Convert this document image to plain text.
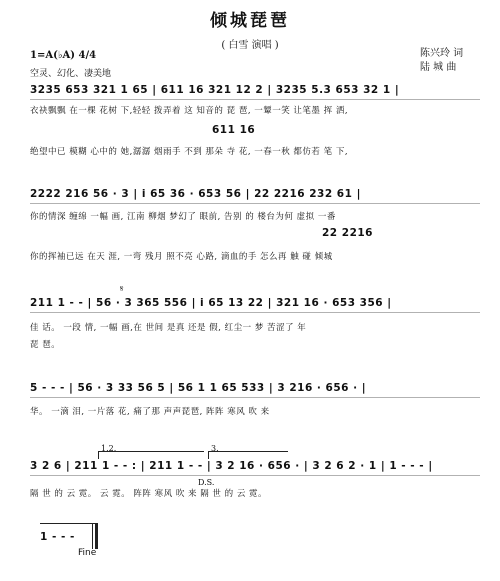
倾城琵琶
( 白雪 演唱 )
陈兴玲 词
陆 城 曲
1=A(♭A) 4/4
空灵、幻化、凄美地
3235 653 321 1 65 | 611 16 321 12 2 | 3235 5.3 653 32 1 |
衣袂飘飘 在一棵 花树 下,轻轻 拨弄着 这 知音的 琵 琶, 一颦一笑 让笔墨 挥 洒,
611 16
绝望中已 模糊 心中的 她,潺潺 烟雨手 不到 那朵 寺 花, 一春一秋 都仿若 笔 下,
2222 216 56 · 3 | i 65 36 · 653 56 | 22 2216 232 61 |
你的情深 缠绵 一幅 画, 江南 柳烟 梦幻了 眼前, 告别 的 楼台为何 虚拟 一番
22 2216
你的挥袖已远 在天 涯, 一弯 残月 照不亮 心路, 滴血的手 怎么再 触 碰 倾城
𝄋
211 1 - - | 56 · 3 365 556 | i 65 13 22 | 321 16 · 653 356 |
佳 话。 一段 情, 一幅 画,在 世间 是真 还是 假, 红尘一 梦 苦涩了 年
琵 琶。
5 - - - | 56 · 3 33 56 5 | 56 1 1 65 533 | 3 216 · 656 · |
华。 一滴 泪, 一片落 花, 痛了那 声声琵琶, 阵阵 寒风 吹 来
1.2.	3.
3 2 6 | 211 1 - - : | 211 1 - - | 3 2 16 · 656 · | 3 2 6 2 · 1 | 1 - - - |
D.S.
隔 世 的 云 霓。 云 霓。 阵阵 寒风 吹 来 隔 世 的 云 霓。
1 - - -
Fine
